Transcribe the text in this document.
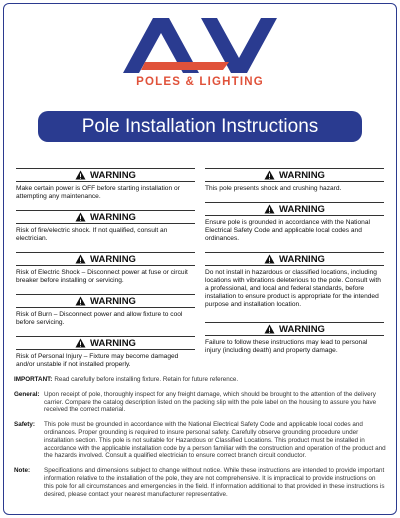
POLES & LIGHTING
Pole Installation Instructions
WARNING
Make certain power is OFF before starting installation or attempting any maintenance.
WARNING
Risk of fire/electric shock. If not qualified, consult an electrician.
WARNING
Risk of Electric Shock – Disconnect power at fuse or circuit breaker before installing or servicing.
WARNING
Risk of Burn – Disconnect power and allow fixture to cool before servicing.
WARNING
Risk of Personal Injury – Fixture may become damaged and/or unstable if not installed properly.
WARNING
This pole presents shock and crushing hazard.
WARNING
Ensure pole is grounded in accordance with the National Electrical Safety Code and applicable local codes and ordinances.
WARNING
Do not install in hazardous or classified locations, including locations with vibrations deleterious to the pole. Consult with a professional, and local and federal standards, before installation to ensure product is appropriate for the intended purpose and installation location.
WARNING
Failure to follow these instructions may lead to personal injury (including death) and property damage.
IMPORTANT: Read carefully before installing fixture. Retain for future reference.
General: Upon receipt of pole, thoroughly inspect for any freight damage, which should be brought to the attention of the delivery carrier. Compare the catalog description listed on the packing slip with the pole label on the housing to assure you have received the correct material.
Safety:	This pole must be grounded in accordance with the National Electrical Safety Code and applicable local codes and ordinances. Proper grounding is required to insure personal safety. Carefully observe grounding procedure under installation section. This pole is not suitable for Hazardous or Classified Locations. This product must be installed in accordance with the applicable installation code by a person familiar with the construction and operation of the product and the hazards involved. Consult a qualified electrician to ensure correct branch circuit conductor.
Note:	Specifications and dimensions subject to change without notice. While these instructions are intended to provide important information relative to the installation of the pole, they are not comprehensive. It is impractical to provide instructions on this pole for all circumstances and emergencies in the field. If information additional to that provided in these instructions is desired, please contact your nearest manufacturer representative.
